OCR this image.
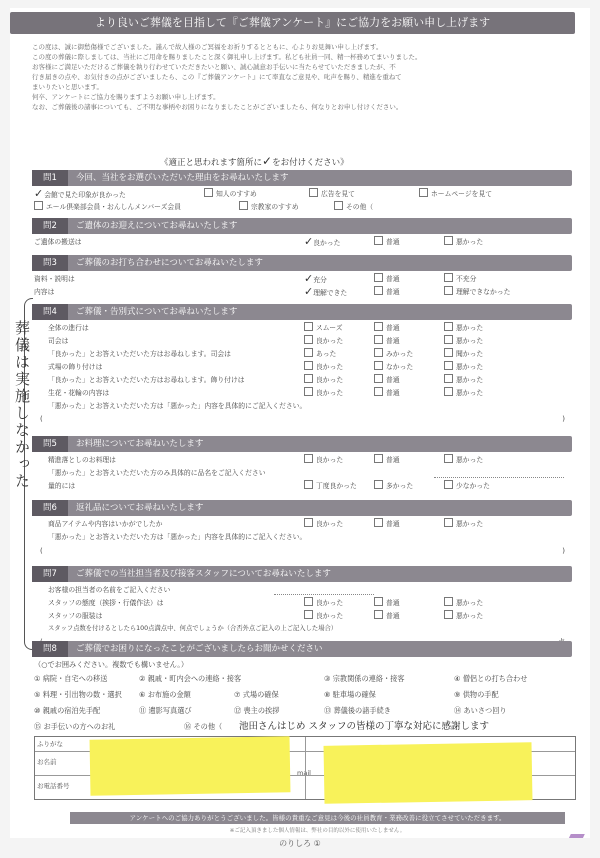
より良いご葬儀を目指して『ご葬儀アンケート』にご協力をお願い申し上げます

この度は、誠に御愁傷様でございました。謹んで故人様のご冥福をお祈りするとともに、心よりお見舞い申し上げます。

この度の葬儀に際しましては、当社にご用命を賜りましたこと深く御礼申し上げます。私ども社員一同、精一杯務めてまいりました。

お客様にご満足いただけるご葬儀を執り行わせていただきたいと願い、誠心誠意お手伝いに当たらせていただきましたが、不

行き届きの点や、お気付きの点がございましたら、この『ご葬儀アンケート』にて率直なご意見や、叱声を賜り、精進を重ねて

まいりたいと思います。

何卒、アンケートにご協力を賜りますようお願い申し上げます。

なお、ご葬儀後の諸事についても、ご不明な事柄やお困りになりましたことがございましたら、何なりとお申し付けください。

《適正と思われます箇所に✓をお付けください》
問1 今回、当社をお選びいただいた理由をお尋ねいたします
✓会館で見た印象が良かった	知人のすすめ	広告を見て	ホームページを見て
エール倶楽部会員・おんしんメンバーズ会員	宗教家のすすめ	その他（
問2 ご遺体のお迎えについてお尋ねいたします
ご遺体の搬送は	✓良かった	普通	悪かった
問3 ご葬儀のお打ち合わせについてお尋ねいたします
資料・説明は	✓充分	普通	不充分
内容は	✓理解できた	普通	理解できなかった
葬儀は実施しなかった
問4 ご葬儀・告別式についてお尋ねいたします
全体の進行は	スムーズ	普通	悪かった
司会は	良かった	普通	悪かった
「良かった」とお答えいただいた方はお尋ねします。司会は	あった	みかった	聞かった
式場の飾り付けは	良かった	なかった	悪かった
「良かった」とお答えいただいた方はお尋ねします。飾り付けは	良かった	普通	悪かった
生花・花輪の内容は	良かった	普通	悪かった
「悪かった」とお答えいただいた方は「悪かった」内容を具体的にご記入ください。
(	)
問5 お料理についてお尋ねいたします
精進落としのお料理は	良かった	普通	悪かった
「悪かった」とお答えいただいた方のみ具体的に品名をご記入ください
量的には	丁度良かった	多かった	少なかった
問6 返礼品についてお尋ねいたします
商品アイテムや内容はいかがでしたか	良かった	普通	悪かった
「悪かった」とお答えいただいた方は「悪かった」内容を具体的にご記入ください。
(	)
問7 ご葬儀での当社担当者及び接客スタッフについてお尋ねいたします
お客様の担当者の名前をご記入ください
スタッフの態度（挨拶・行儀作法）は	良かった	普通	悪かった
スタッフの服装は	良かった	普通	悪かった
スタッフ点数を付けるとしたら100点満点中、何点でしょうか（合否外点ご記入の上ご記入した場合）
問8 ご葬儀でお困りになったことがございましたらお聞かせください
（○でお囲みください。複数でも構いません。）
① 病院・自宅への移送	② 親戚・町内会への連絡・接客	③ 宗教関係の連絡・接客	④ 僧侶との打ち合わせ
⑤ 料理・引出物の数・選択 ⑥ お布施の金額	⑦ 式場の確保	⑧ 駐車場の確保	⑨ 供物の手配
⑩ 親戚の宿泊先手配	⑪ 遺影写真選び	⑫ 喪主の挨拶	⑬ 葬儀後の諸手続き	⑭ あいさつ回り
⑮ お手伝いの方へのお礼	⑯ その他（ 池田さんはじめ スタッフの皆様の丁寧な対応に感謝します
ふりがな
お名前
お電話番号
mail
アンケートへのご協力ありがとうございました。皆様の貴重なご意見は今後の社員教育・業務改善に役立てさせていただきます。
※ご記入頂きました個人情報は、弊社の目的以外に使用いたしません。
のりしろ ①
